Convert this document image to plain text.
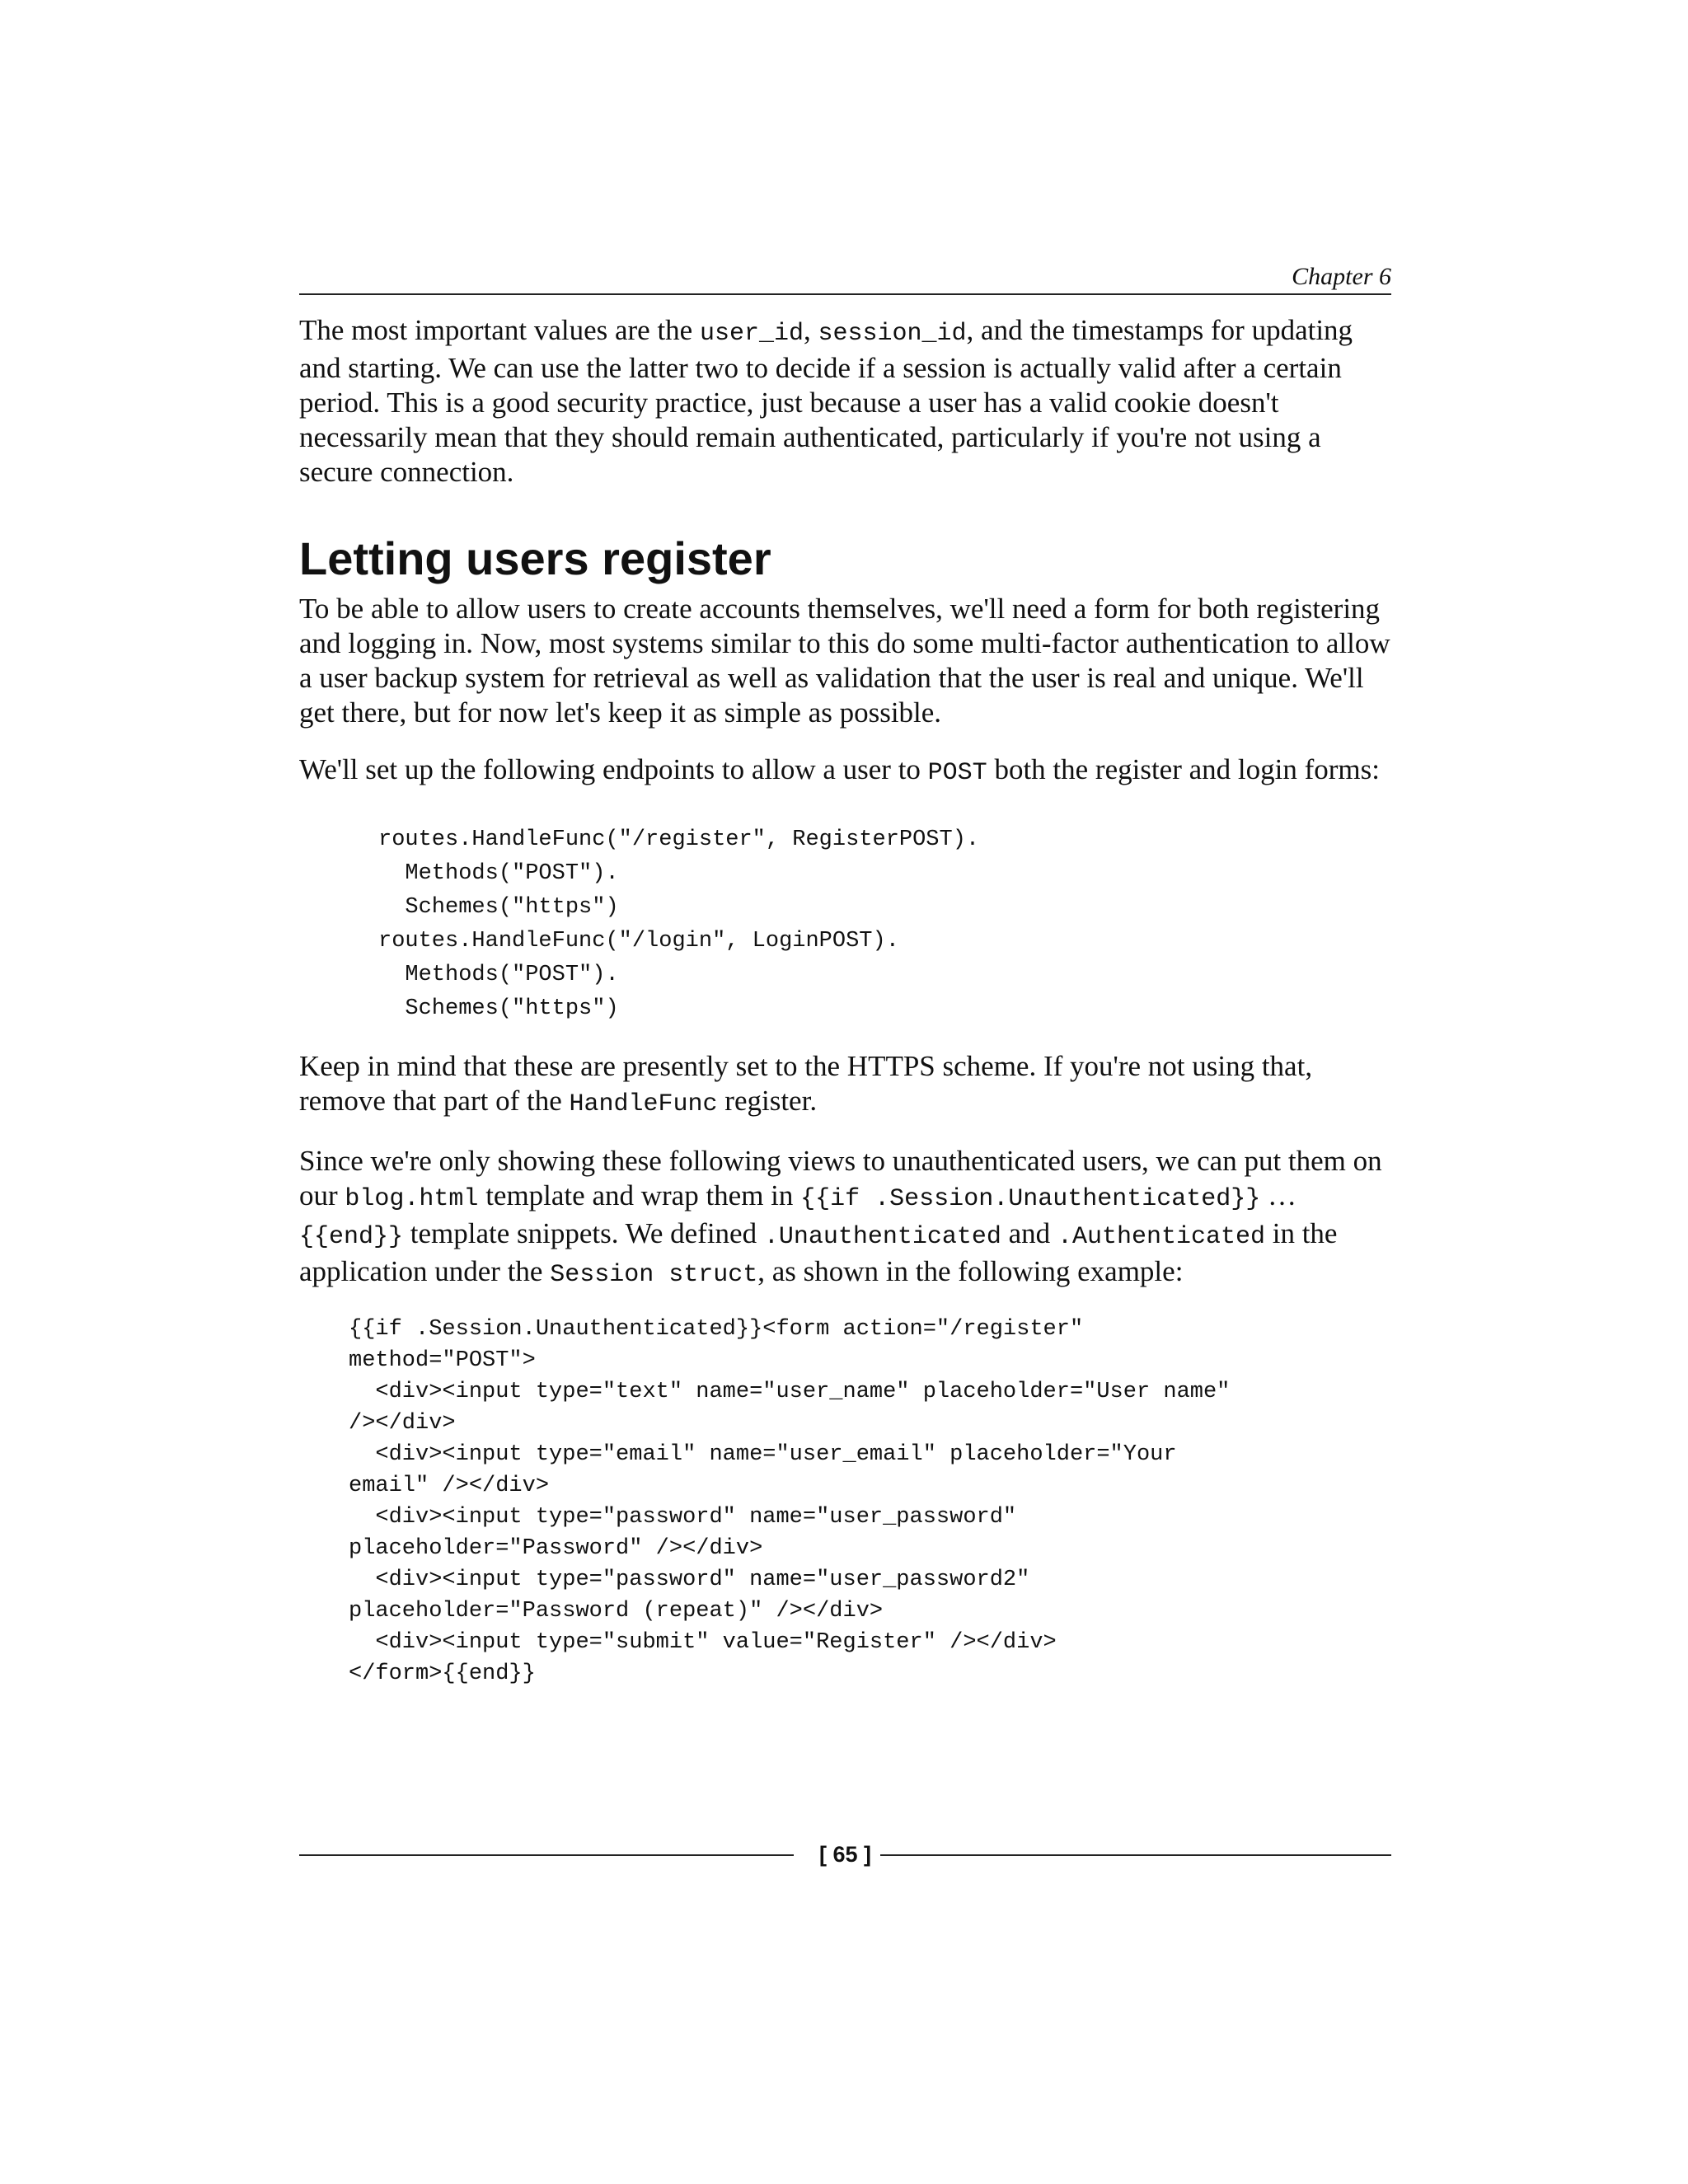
Chapter 6

The most important values are the user_id, session_id, and the timestamps for updating and starting. We can use the latter two to decide if a session is actually valid after a certain period. This is a good security practice, just because a user has a valid cookie doesn't necessarily mean that they should remain authenticated, particularly if you're not using a secure connection.

Letting users register

To be able to allow users to create accounts themselves, we'll need a form for both registering and logging in. Now, most systems similar to this do some multi-factor authentication to allow a user backup system for retrieval as well as validation that the user is real and unique. We'll get there, but for now let's keep it as simple as possible.

We'll set up the following endpoints to allow a user to POST both the register and login forms:

routes.HandleFunc("/register", RegisterPOST).
Methods("POST").
Schemes("https")
routes.HandleFunc("/login", LoginPOST).
Methods("POST").
Schemes("https")

Keep in mind that these are presently set to the HTTPS scheme. If you're not using that, remove that part of the HandleFunc register.

Since we're only showing these following views to unauthenticated users, we can put them on our blog.html template and wrap them in {{if .Session.Unauthenticated}} … {{end}} template snippets. We defined .Unauthenticated and .Authenticated in the application under the Session struct, as shown in the following example:

{{if .Session.Unauthenticated}}<form action="/register"
method="POST">
<div><input type="text" name="user_name" placeholder="User name"
/></div>
<div><input type="email" name="user_email" placeholder="Your
email" /></div>
<div><input type="password" name="user_password"
placeholder="Password" /></div>
<div><input type="password" name="user_password2"
placeholder="Password (repeat)" /></div>
<div><input type="submit" value="Register" /></div>
</form>{{end}}
[ 65 ]
